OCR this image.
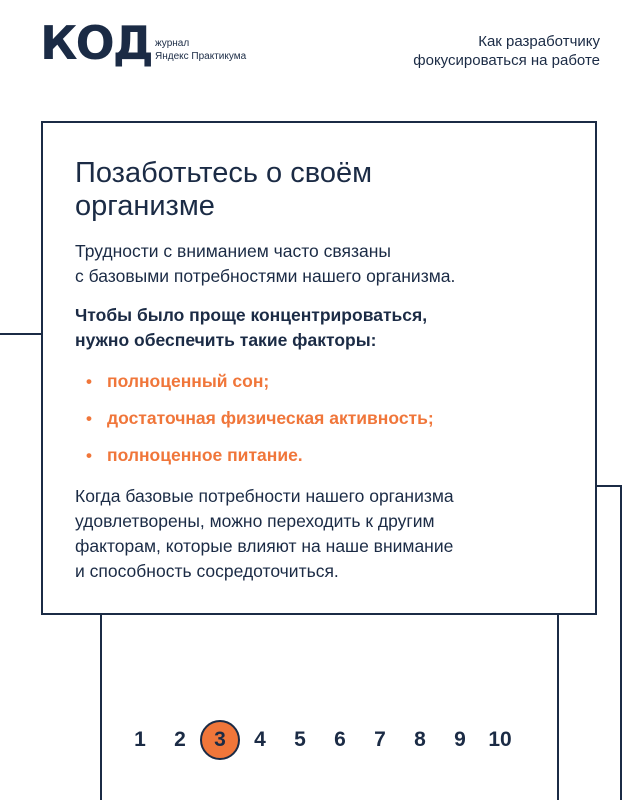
КОД журнал
Яндекс Практикума
Как разработчику
фокусироваться на работе
Позаботьтесь о своём
организме

Трудности с вниманием часто связаны
с базовыми потребностями нашего организма.

Чтобы было проще концентрироваться,
нужно обеспечить такие факторы:

• полноценный сон;
• достаточная физическая активность;
• полноценное питание.

Когда базовые потребности нашего организма
удовлетворены, можно переходить к другим
факторам, которые влияют на наше внимание
и способность сосредоточиться.

1	2	3	4	5	6	7	8	9	10
